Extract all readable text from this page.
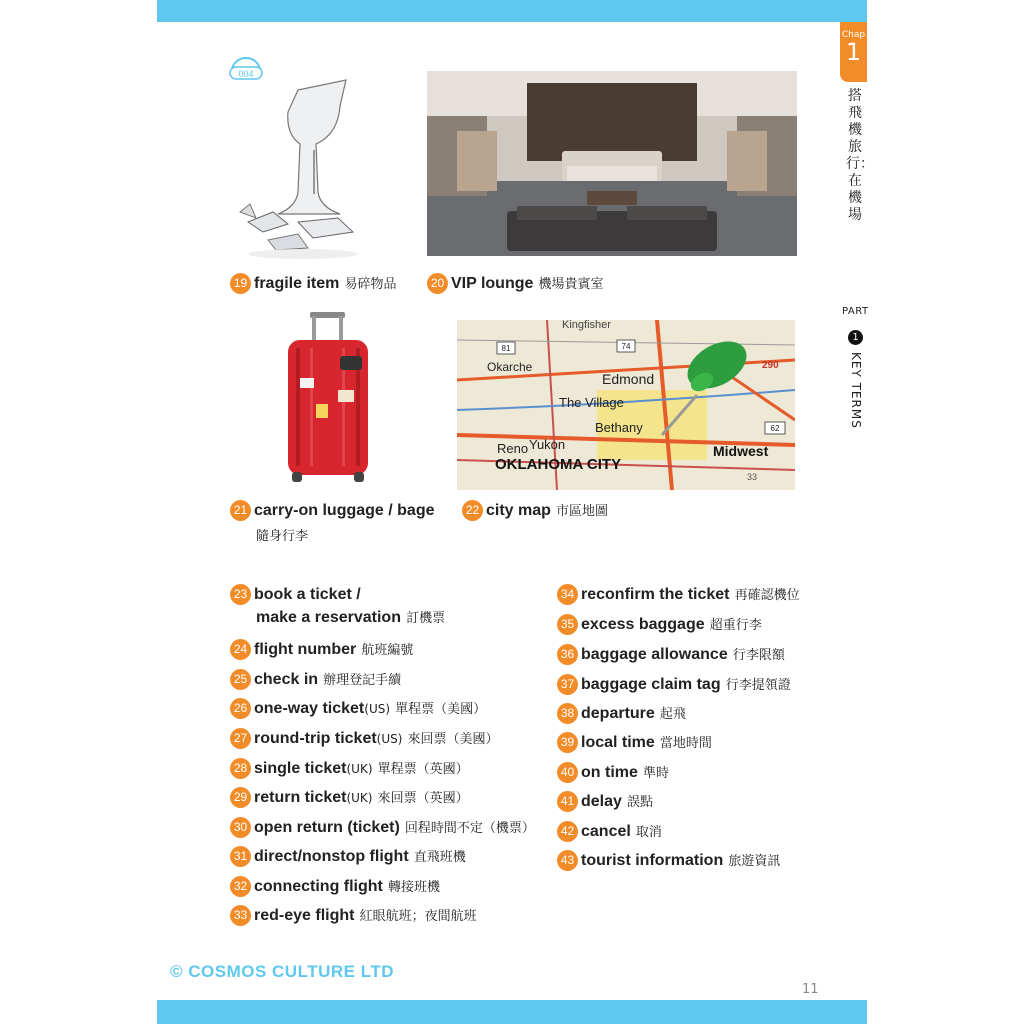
Chap
1
搭飛機旅行：在機場
PART
1
KEY TERMS
004
19 fragile item 易碎物品	20 VIP lounge 機場貴賓室
Kingfisher
Okarche
Edmond
The Village
Bethany
Yukon
Reno
OKLAHOMA CITY
Midwest
81	74
290
62
33
21 carry-on luggage / bage
隨身行李
22 city map 市區地圖
23 book a ticket /
make a reservation 訂機票
24 flight number 航班編號
25 check in 辦理登記手續
26 one-way ticket(US) 單程票（美國）
27 round-trip ticket(US) 來回票（美國）
28 single ticket(UK) 單程票（英國）
29 return ticket(UK) 來回票（英國）
30 open return (ticket) 回程時間不定（機票）
31 direct/nonstop flight 直飛班機
32 connecting flight 轉接班機
33 red-eye flight 紅眼航班；夜間航班
34 reconfirm the ticket 再確認機位
35 excess baggage 超重行李
36 baggage allowance 行李限額
37 baggage claim tag 行李提領證
38 departure 起飛
39 local time 當地時間
40 on time 準時
41 delay 誤點
42 cancel 取消
43 tourist information 旅遊資訊
© COSMOS CULTURE LTD
11
